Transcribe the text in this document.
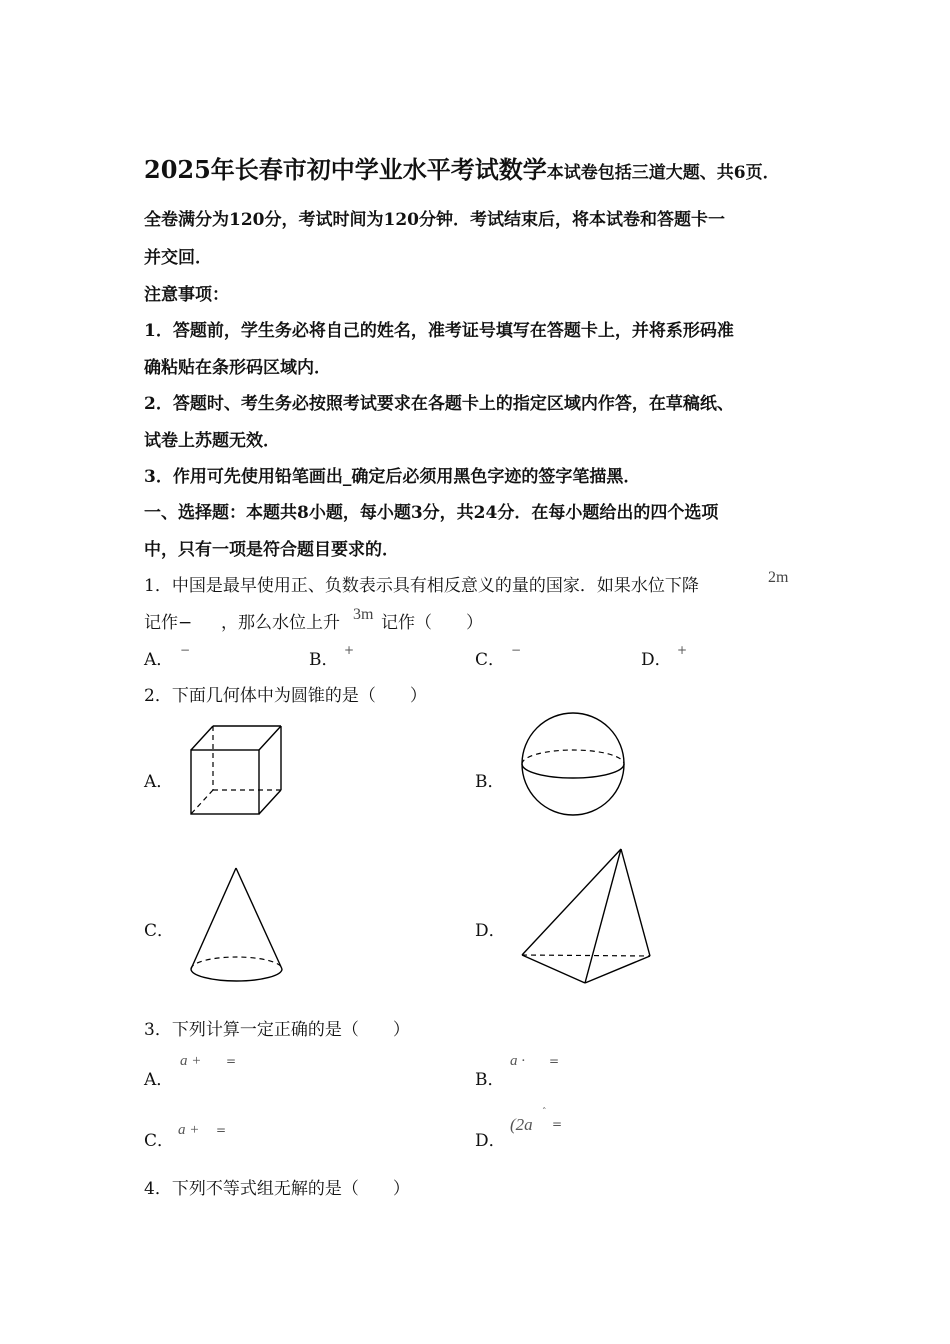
2025年长春市初中学业水平考试数学本试卷包括三道大题、共6页．
全卷满分为120分，考试时间为120分钟．考试结束后，将本试卷和答题卡一
并交回．
注意事项：
1．答题前，学生务必将自己的姓名，准考证号填写在答题卡上，并将系形码准
确粘贴在条形码区域内．
2．答题时、考生务必按照考试要求在各题卡上的指定区域内作答，在草稿纸、
试卷上苏题无效．
3．作用可先使用铅笔画出_确定后必须用黑色字迹的签字笔描黑．
一、选择题：本题共8小题，每小题3分，共24分．在每小题给出的四个选项
中，只有一项是符合题目要求的．
1．中国是最早使用正、负数表示具有相反意义的量的国家．如果水位下降	2m
记作− ，那么水位上升 3m 记作（　　）
A． −	B． +	C． −	D． +
2．下面几何体中为圆锥的是（　　）
A．	B．
C．	D．
3．下列计算一定正确的是（　　）
A．
a + =
B．
a · =
C．
a + =
D．
(2a
ˆ
=
4．下列不等式组无解的是（　　）
